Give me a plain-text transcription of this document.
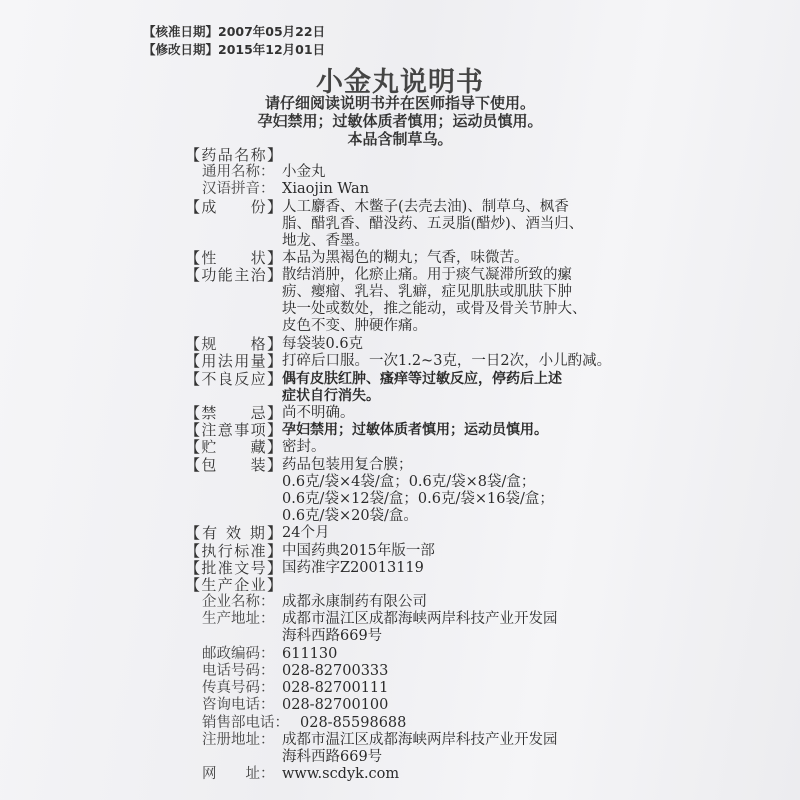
【核准日期】2007年05月22日
【修改日期】2015年12月01日
小金丸说明书
请仔细阅读说明书并在医师指导下使用。
孕妇禁用；过敏体质者慎用；运动员慎用。
本品含制草乌。
【药品名称】
通用名称： 小金丸
汉语拼音： Xiaojin Wan
【成　　份】 人工麝香、木鳖子(去壳去油)、制草乌、枫香
脂、醋乳香、醋没药、五灵脂(醋炒)、酒当归、
地龙、香墨。
【性　　状】 本品为黑褐色的糊丸；气香，味微苦。
【功能主治】 散结消肿，化瘀止痛。用于痰气凝滞所致的瘰
疬、瘿瘤、乳岩、乳癖，症见肌肤或肌肤下肿
块一处或数处，推之能动，或骨及骨关节肿大、
皮色不变、肿硬作痛。
【规　　格】 每袋装0.6克
【用法用量】 打碎后口服。一次1.2~3克，一日2次，小儿酌减。
【不良反应】 偶有皮肤红肿、瘙痒等过敏反应，停药后上述
症状自行消失。
【禁　　忌】 尚不明确。
【注意事项】 孕妇禁用；过敏体质者慎用；运动员慎用。
【贮　　藏】 密封。
【包　　装】 药品包装用复合膜；
0.6克/袋×4袋/盒；0.6克/袋×8袋/盒；
0.6克/袋×12袋/盒；0.6克/袋×16袋/盒；
0.6克/袋×20袋/盒。
【有 效 期】 24个月
【执行标准】 中国药典2015年版一部
【批准文号】 国药准字Z20013119
【生产企业】
企业名称： 成都永康制药有限公司
生产地址： 成都市温江区成都海峡两岸科技产业开发园
海科西路669号
邮政编码： 611130
电话号码： 028-82700333
传真号码： 028-82700111
咨询电话： 028-82700100
销售部电话： 028-85598688
注册地址： 成都市温江区成都海峡两岸科技产业开发园
海科西路669号
网　　址： www.scdyk.com
